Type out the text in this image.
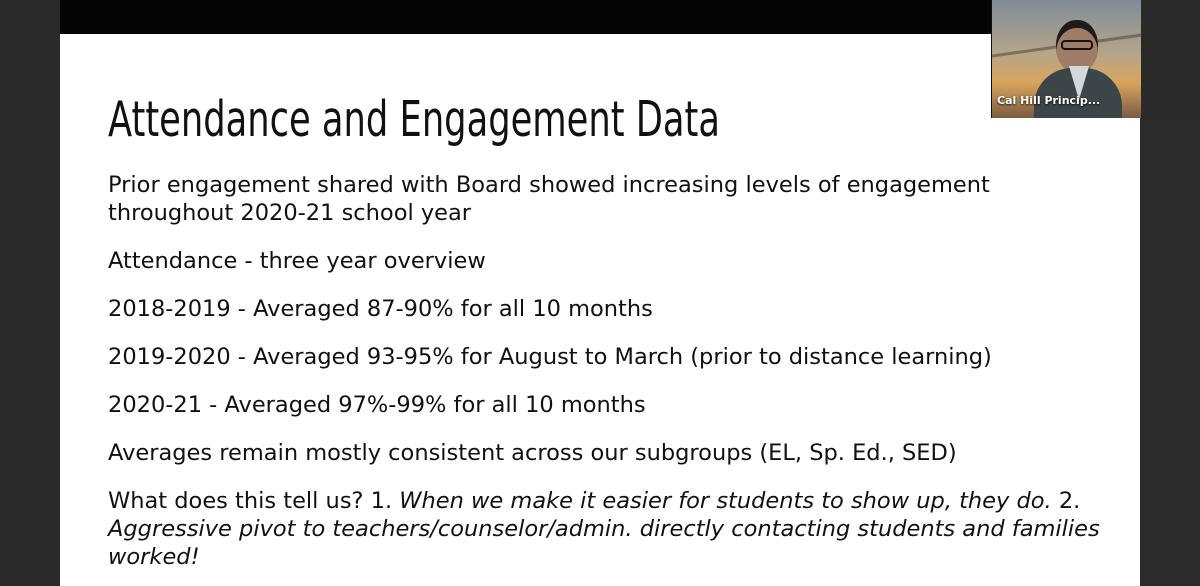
Attendance and Engagement Data

Prior engagement shared with Board showed increasing levels of engagement

throughout 2020-21 school year

Attendance - three year overview

2018-2019 - Averaged 87-90% for all 10 months

2019-2020 - Averaged 93-95% for August to March (prior to distance learning)

2020-21 - Averaged 97%-99% for all 10 months

Averages remain mostly consistent across our subgroups (EL, Sp. Ed., SED)

What does this tell us? 1. When we make it easier for students to show up, they do. 2. Aggressive pivot to teachers/counselor/admin. directly contacting students and families worked!

Cal Hill Princip...
